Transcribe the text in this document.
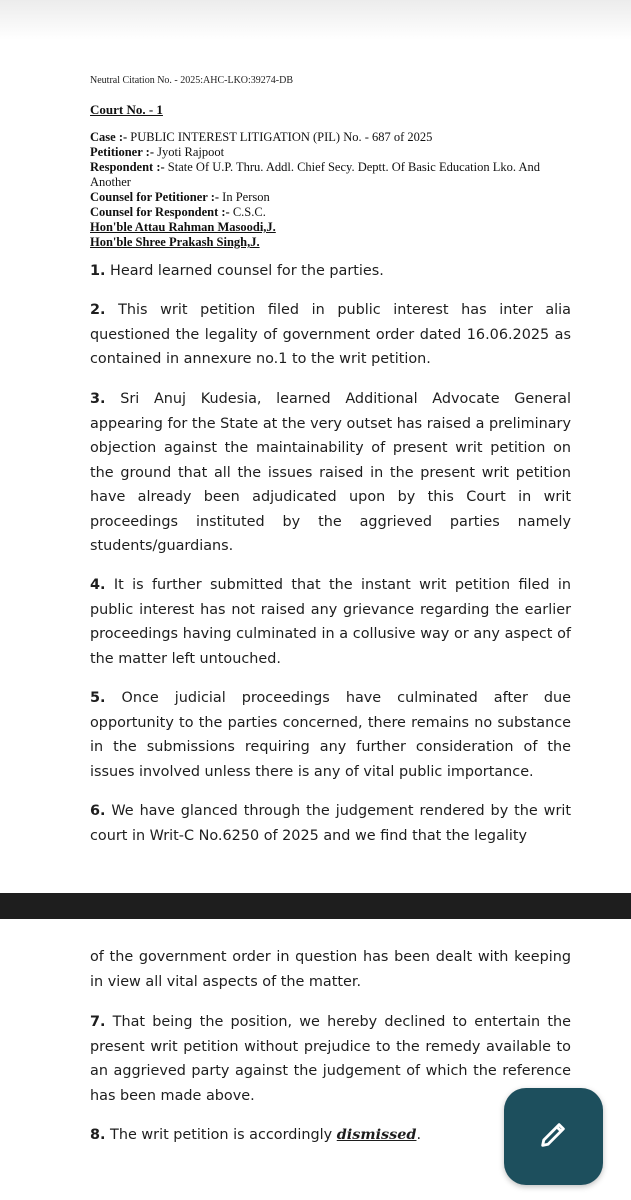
Neutral Citation No. - 2025:AHC-LKO:39274-DB
Court No. - 1
Case :- PUBLIC INTEREST LITIGATION (PIL) No. - 687 of 2025
Petitioner :- Jyoti Rajpoot
Respondent :- State Of U.P. Thru. Addl. Chief Secy. Deptt. Of Basic Education Lko. And Another
Counsel for Petitioner :- In Person
Counsel for Respondent :- C.S.C.
Hon'ble Attau Rahman Masoodi,J.
Hon'ble Shree Prakash Singh,J.

1. Heard learned counsel for the parties.

2. This writ petition filed in public interest has inter alia questioned the legality of government order dated 16.06.2025 as contained in annexure no.1 to the writ petition.

3. Sri Anuj Kudesia, learned Additional Advocate General appearing for the State at the very outset has raised a preliminary objection against the maintainability of present writ petition on the ground that all the issues raised in the present writ petition have already been adjudicated upon by this Court in writ proceedings instituted by the aggrieved parties namely students/guardians.

4. It is further submitted that the instant writ petition filed in public interest has not raised any grievance regarding the earlier proceedings having culminated in a collusive way or any aspect of the matter left untouched.

5. Once judicial proceedings have culminated after due opportunity to the parties concerned, there remains no substance in the submissions requiring any further consideration of the issues involved unless there is any of vital public importance.

6. We have glanced through the judgement rendered by the writ court in Writ-C No.6250 of 2025 and we find that the legality

of the government order in question has been dealt with keeping in view all vital aspects of the matter.

7. That being the position, we hereby declined to entertain the present writ petition without prejudice to the remedy available to an aggrieved party against the judgement of which the reference has been made above.

8. The writ petition is accordingly dismissed.
